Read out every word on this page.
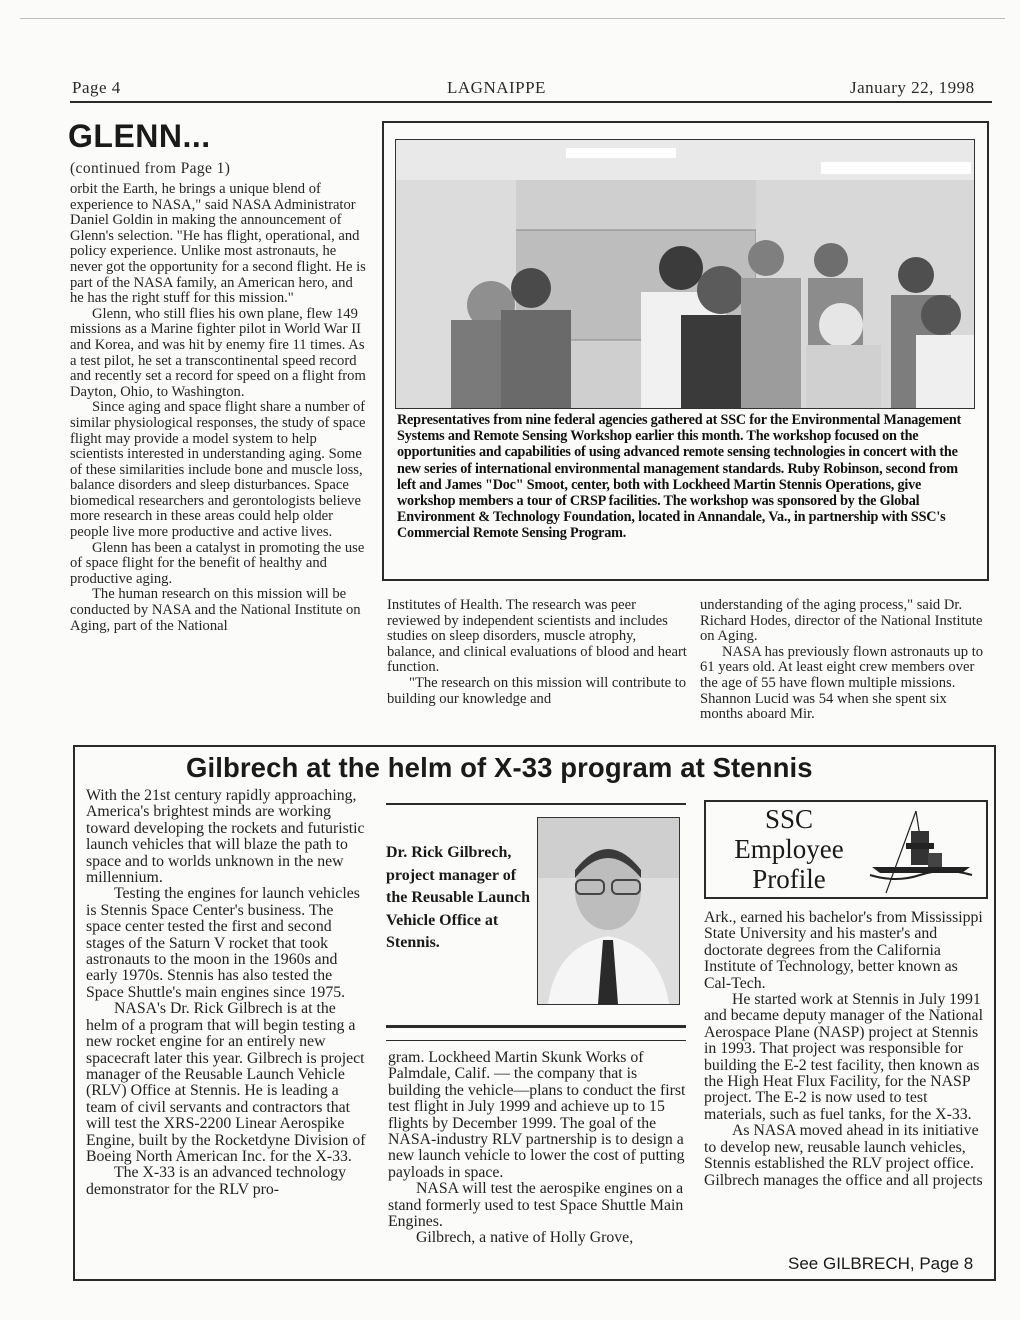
Page 4	LAGNAIPPE	January 22, 1998
GLENN...
(continued from Page 1)

orbit the Earth, he brings a unique blend of experience to NASA," said NASA Administrator Daniel Goldin in making the announcement of Glenn's selection. "He has flight, operational, and policy experience. Unlike most astronauts, he never got the opportunity for a second flight. He is part of the NASA family, an American hero, and he has the right stuff for this mission."

Glenn, who still flies his own plane, flew 149 missions as a Marine fighter pilot in World War II and Korea, and was hit by enemy fire 11 times. As a test pilot, he set a transcontinental speed record and recently set a record for speed on a flight from Dayton, Ohio, to Washington.

Since aging and space flight share a number of similar physiological responses, the study of space flight may provide a model system to help scientists interested in understanding aging. Some of these similarities include bone and muscle loss, balance disorders and sleep disturbances. Space biomedical researchers and gerontologists believe more research in these areas could help older people live more productive and active lives.

Glenn has been a catalyst in promoting the use of space flight for the benefit of healthy and productive aging.

The human research on this mission will be conducted by NASA and the National Institute on Aging, part of the National

Representatives from nine federal agencies gathered at SSC for the Environmental Management Systems and Remote Sensing Workshop earlier this month. The workshop focused on the opportunities and capabilities of using advanced remote sensing technologies in concert with the new series of international environmental management standards. Ruby Robinson, second from left and James "Doc" Smoot, center, both with Lockheed Martin Stennis Operations, give workshop members a tour of CRSP facilities. The workshop was sponsored by the Global Environment & Technology Foundation, located in Annandale, Va., in partnership with SSC's Commercial Remote Sensing Program.

Institutes of Health. The research was peer reviewed by independent scientists and includes studies on sleep disorders, muscle atrophy, balance, and clinical evaluations of blood and heart function.

"The research on this mission will contribute to building our knowledge and

understanding of the aging process," said Dr. Richard Hodes, director of the National Institute on Aging.

NASA has previously flown astronauts up to 61 years old. At least eight crew members over the age of 55 have flown multiple missions. Shannon Lucid was 54 when she spent six months aboard Mir.

Gilbrech at the helm of X-33 program at Stennis

With the 21st century rapidly approaching, America's brightest minds are working toward developing the rockets and futuristic launch vehicles that will blaze the path to space and to worlds unknown in the new millennium.

Testing the engines for launch vehicles is Stennis Space Center's business. The space center tested the first and second stages of the Saturn V rocket that took astronauts to the moon in the 1960s and early 1970s. Stennis has also tested the Space Shuttle's main engines since 1975.

NASA's Dr. Rick Gilbrech is at the helm of a program that will begin testing a new rocket engine for an entirely new spacecraft later this year. Gilbrech is project manager of the Reusable Launch Vehicle (RLV) Office at Stennis. He is leading a team of civil servants and contractors that will test the XRS-2200 Linear Aerospike Engine, built by the Rocketdyne Division of Boeing North American Inc. for the X-33.

The X-33 is an advanced technology demonstrator for the RLV pro-

Dr. Rick Gilbrech, project manager of the Reusable Launch Vehicle Office at Stennis.

gram. Lockheed Martin Skunk Works of Palmdale, Calif. — the company that is building the vehicle—plans to conduct the first test flight in July 1999 and achieve up to 15 flights by December 1999. The goal of the NASA-industry RLV partnership is to design a new launch vehicle to lower the cost of putting payloads in space.

NASA will test the aerospike engines on a stand formerly used to test Space Shuttle Main Engines.

Gilbrech, a native of Holly Grove,

SSC
Employee
Profile

Ark., earned his bachelor's from Mississippi State University and his master's and doctorate degrees from the California Institute of Technology, better known as Cal-Tech.

He started work at Stennis in July 1991 and became deputy manager of the National Aerospace Plane (NASP) project at Stennis in 1993. That project was responsible for building the E-2 test facility, then known as the High Heat Flux Facility, for the NASP project. The E-2 is now used to test materials, such as fuel tanks, for the X-33.

As NASA moved ahead in its initiative to develop new, reusable launch vehicles, Stennis established the RLV project office. Gilbrech manages the office and all projects

See GILBRECH, Page 8
